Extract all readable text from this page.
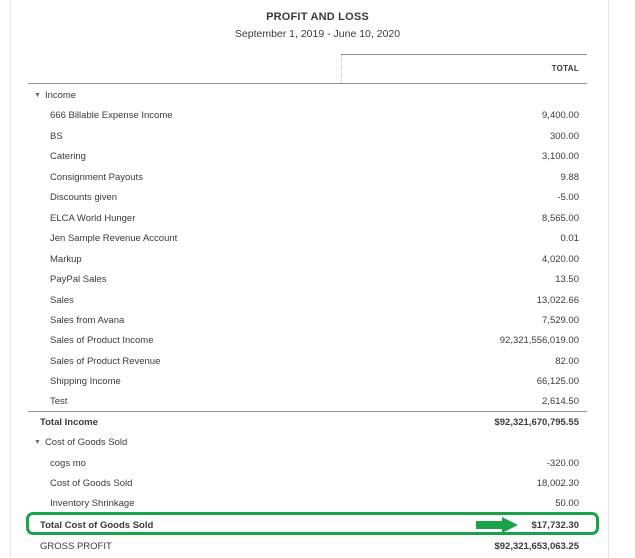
PROFIT AND LOSS
September 1, 2019 - June 10, 2020
TOTAL
▼ Income
666 Billable Expense Income	9,400.00
BS	300.00
Catering	3,100.00
Consignment Payouts	9.88
Discounts given	-5.00
ELCA World Hunger	8,565.00
Jen Sample Revenue Account	0.01
Markup	4,020.00
PayPal Sales	13.50
Sales	13,022.66
Sales from Avana	7,529.00
Sales of Product Income	92,321,556,019.00
Sales of Product Revenue	82.00
Shipping Income	66,125.00
Test	2,614.50
Total Income	$92,321,670,795.55
▼ Cost of Goods Sold
cogs mo	-320.00
Cost of Goods Sold	18,002.30
Inventory Shrinkage	50.00
Total Cost of Goods Sold	$17,732.30
GROSS PROFIT	$92,321,653,063.25
